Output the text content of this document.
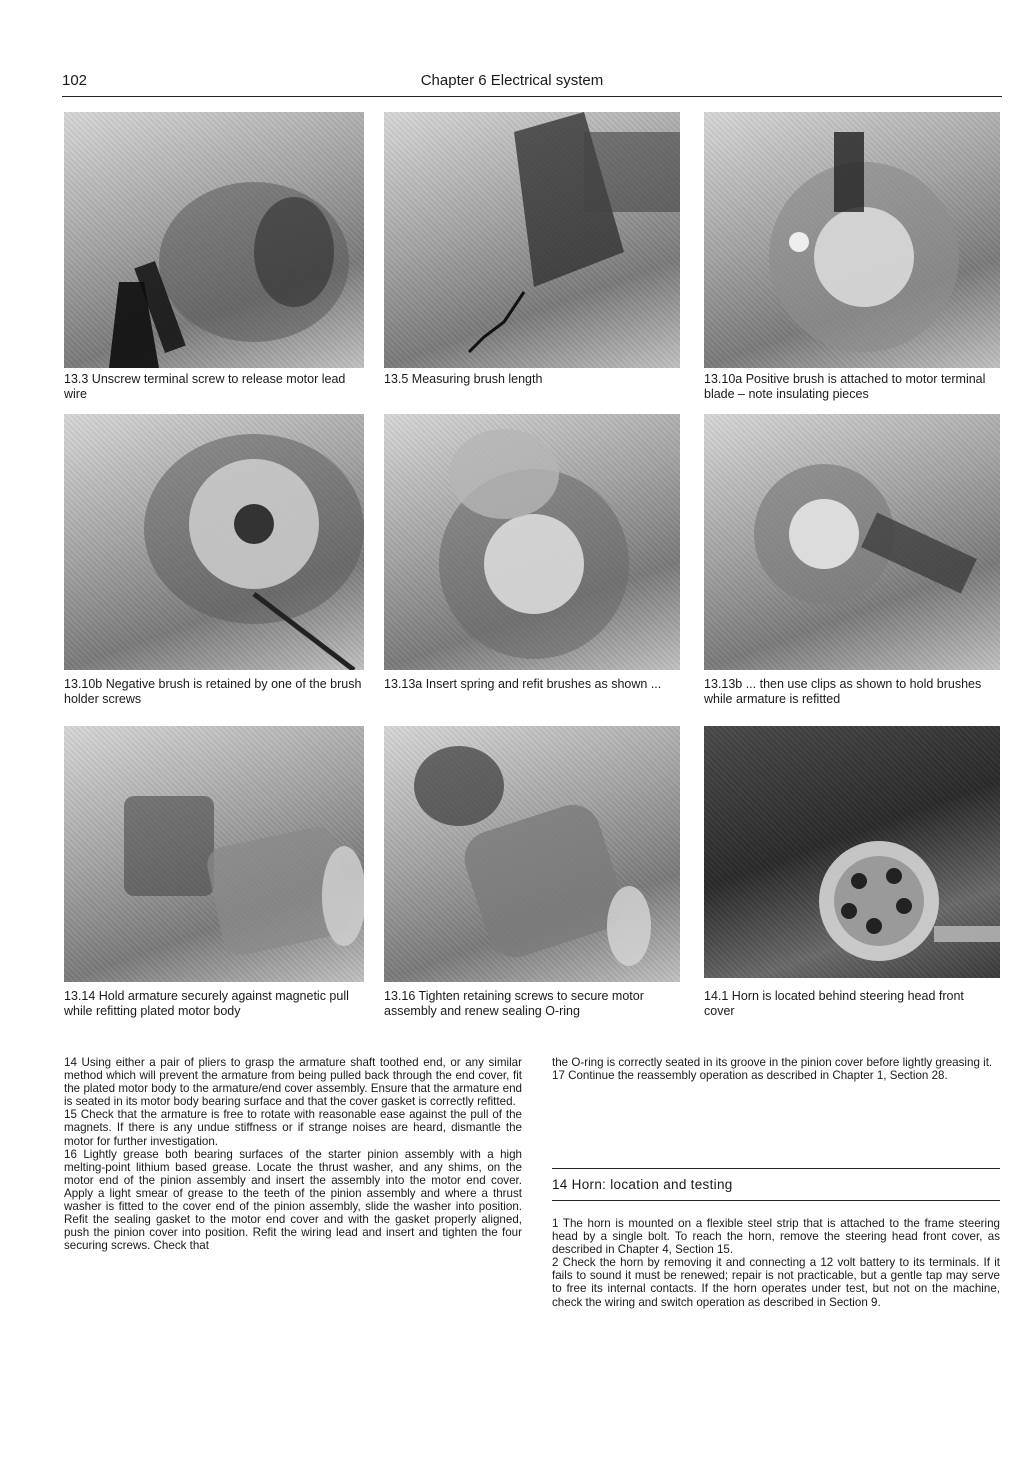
102	Chapter 6 Electrical system
13.3 Unscrew terminal screw to release motor lead wire
13.5 Measuring brush length	13.10a Positive brush is attached to motor terminal blade – note insulating pieces
13.10b Negative brush is retained by one of the brush holder screws
13.13a Insert spring and refit brushes as shown ...	13.13b ... then use clips as shown to hold brushes while armature is refitted
13.14 Hold armature securely against magnetic pull while refitting plated motor body
13.16 Tighten retaining screws to secure motor assembly and renew sealing O-ring
14.1 Horn is located behind steering head front cover

14 Using either a pair of pliers to grasp the armature shaft toothed end, or any similar method which will prevent the armature from being pulled back through the end cover, fit the plated motor body to the armature/end cover assembly. Ensure that the armature end is seated in its motor body bearing surface and that the cover gasket is correctly refitted.

15 Check that the armature is free to rotate with reasonable ease against the pull of the magnets. If there is any undue stiffness or if strange noises are heard, dismantle the motor for further investigation.

16 Lightly grease both bearing surfaces of the starter pinion assembly with a high melting-point lithium based grease. Locate the thrust washer, and any shims, on the motor end of the pinion assembly and insert the assembly into the motor end cover. Apply a light smear of grease to the teeth of the pinion assembly and where a thrust washer is fitted to the cover end of the pinion assembly, slide the washer into position. Refit the sealing gasket to the motor end cover and with the gasket properly aligned, push the pinion cover into position. Refit the wiring lead and insert and tighten the four securing screws. Check that

the O-ring is correctly seated in its groove in the pinion cover before lightly greasing it.

17 Continue the reassembly operation as described in Chapter 1, Section 28.

14 Horn: location and testing

1 The horn is mounted on a flexible steel strip that is attached to the frame steering head by a single bolt. To reach the horn, remove the steering head front cover, as described in Chapter 4, Section 15.

2 Check the horn by removing it and connecting a 12 volt battery to its terminals. If it fails to sound it must be renewed; repair is not practicable, but a gentle tap may serve to free its internal contacts. If the horn operates under test, but not on the machine, check the wiring and switch operation as described in Section 9.
